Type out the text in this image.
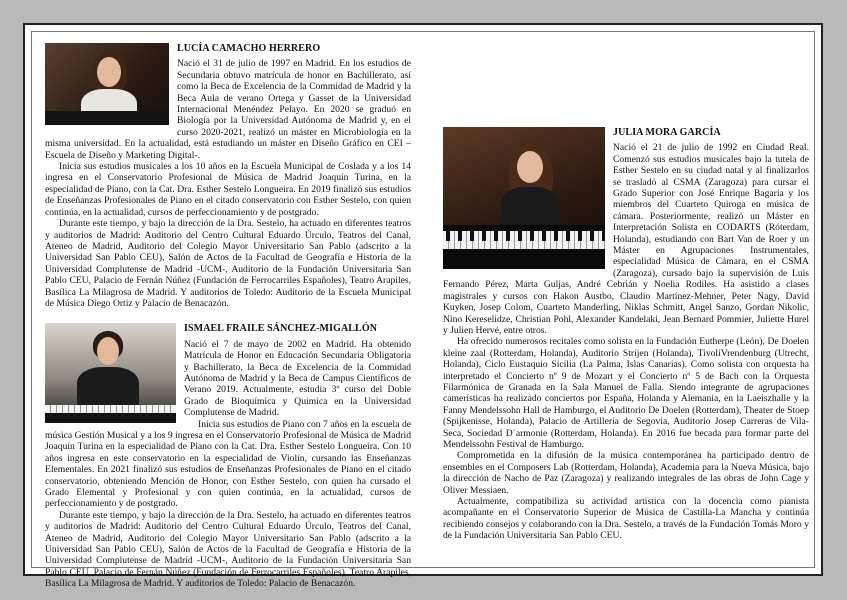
LUCÍA CAMACHO HERRERO

Nació el 31 de julio de 1997 en Madrid. En los estudios de Secundaria obtuvo matrícula de honor en Bachillerato, así como la Beca de Excelencia de la Commidad de Madrid y la Beca Aula de verano Ortega y Gasset de la Universidad Internacional Menéndez Pelayo. En 2020 se graduó en Biología por la Universidad Autónoma de Madrid y, en el curso 2020-2021, realizó un máster en Microbiología en la misma universidad. En la actualidad, está estudiando un máster en Diseño Gráfico en CEI –Escuela de Diseño y Marketing Digital-.

Inicia sus estudios musicales a los 10 años en la Escuela Municipal de Coslada y a los 14 ingresa en el Conservatorio Profesional de Música de Madrid Joaquín Turina, en la especialidad de Piano, con la Cat. Dra. Esther Sestelo Longueira. En 2019 finalizó sus estudios de Enseñanzas Profesionales de Piano en el citado conservatorio con Esther Sestelo, con quien continúa, en la actualidad, cursos de perfeccionamiento y de postgrado.

Durante este tiempo, y bajo la dirección de la Dra. Sestelo, ha actuado en diferentes teatros y auditorios de Madrid: Auditorio del Centro Cultural Eduardo Úrculo, Teatros del Canal, Ateneo de Madrid, Auditorio del Colegio Mayor Universitario San Pablo (adscrito a la Universidad San Pablo CEU), Salón de Actos de la Facultad de Geografía e Historia de la Universidad Complutense de Madrid -UCM-, Auditorio de la Fundación Universitaria San Pablo CEU, Palacio de Fernán Núñez (Fundación de Ferrocarriles Españoles), Teatro Arapiles, Basílica La Milagrosa de Madrid. Y auditorios de Toledo: Auditorio de la Escuela Municipal de Música Diego Ortiz y Palacio de Benacazón.

ISMAEL FRAILE SÁNCHEZ-MIGALLÓN

Nació el 7 de mayo de 2002 en Madrid. Ha obtenido Matrícula de Honor en Educación Secundaria Obligatoria y Bachillerato, la Beca de Excelencia de la Commidad Autónoma de Madrid y la Beca de Campus Científicos de Verano 2019. Actualmente, estudia 3º curso del Doble Grado de Bioquímica y Química en la Universidad Complutense de Madrid.

Inicia sus estudios de Piano con 7 años en la escuela de música Gestión Musical y a los 9 ingresa en el Conservatorio Profesional de Música de Madrid Joaquín Turina en la especialidad de Piano con la Cat. Dra. Esther Sestelo Longueira. Con 10 años ingresa en este conservatorio en la especialidad de Violín, cursando las Enseñanzas Elementales. En 2021 finalizó sus estudios de Enseñanzas Profesionales de Piano en el citado conservatorio, obteniendo Mención de Honor, con Esther Sestelo, con quien ha cursado el Grado Elemental y Profesional y con quien continúa, en la actualidad, cursos de perfeccionamiento y de postgrado.

Durante este tiempo, y bajo la dirección de la Dra. Sestelo, ha actuado en diferentes teatros y auditorios de Madrid: Auditorio del Centro Cultural Eduardo Úrculo, Teatros del Canal, Ateneo de Madrid, Auditorio del Colegio Mayor Universitario San Pablo (adscrito a la Universidad San Pablo CEU), Salón de Actos de la Facultad de Geografía e Historia de la Universidad Complutense de Madrid -UCM-, Auditorio de la Fundación Universitaria San Pablo CEU, Palacio de Fernán Núñez (Fundación de Ferrocarriles Españoles), Teatro Arapiles, Basílica La Milagrosa de Madrid. Y auditorios de Toledo: Palacio de Benacazón.

JULIA MORA GARCÍA

Nació el 21 de julio de 1992 en Ciudad Real. Comenzó sus estudios musicales bajo la tutela de Esther Sestelo en su ciudad natal y al finalizarlos se trasladó al CSMA (Zaragoza) para cursar el Grado Superior con José Enrique Bagaría y los miembros del Cuarteto Quiroga en música de cámara. Posteriormente, realizó un Máster en Interpretación Solista en CODARTS (Róterdam, Holanda), estudiando con Bart Van de Roer y un Máster en Agrupaciones Instrumentales, especialidad Música de Cámara, en el CSMA (Zaragoza), cursado bajo la supervisión de Luis Fernando Pérez, Marta Guljas, André Cebrián y Noelia Rodiles. Ha asistido a clases magistrales y cursos con Hakon Austbo, Claudio Martínez-Mehner, Peter Nagy, David Kuyken, Josep Colom, Cuarteto Manderling, Niklas Schmitt, Angel Sanzo, Gordan Nikolic, Nino Kereselidze, Christian Pohl, Alexander Kandelaki, Jean Bernard Pommier, Juliette Hurel y Julien Hervé, entre otros.

Ha ofrecido numerosos recitales como solista en la Fundación Eutherpe (León), De Doelen kleine zaal (Rotterdam, Holanda), Auditorio Strijen (Holanda), TivoliVrendenburg (Utrecht, Holanda), Ciclo Eustaquio Sicilia (La Palma, Islas Canarias). Como solista con orquesta ha interpretado el Concierto nº 9 de Mozart y el Concierto nº 5 de Bach con la Orquesta Filarmónica de Granada en la Sala Manuel de Falla. Siendo integrante de agrupaciones camerísticas ha realizado conciertos por España, Holanda y Alemania, en la Laeiszhalle y la Fanny Mendelssohn Hall de Hamburgo, el Auditorio De Doelen (Rotterdam), Theater de Stoep (Spijkenisse, Holanda), Palacio de Artillería de Segovia, Auditorio Josep Carreras de Vila-Seca, Sociedad D´armonie (Rotterdam, Holanda). En 2016 fue becada para formar parte del Mendelssohn Festival de Hamburgo.

Comprometida en la difusión de la música contemporánea ha participado dentro de ensembles en el Composers Lab (Rotterdam, Holanda), Academia para la Nueva Música, bajo la dirección de Nacho de Paz (Zaragoza) y realizando integrales de las obras de John Cage y Oliver Messiaen.

Actualmente, compatibiliza su actividad artística con la docencia como pianista acompañante en el Conservatorio Superior de Música de Castilla-La Mancha y continúa recibiendo consejos y colaborando con la Dra. Sestelo, a través de la Fundación Tomás Moro y de la Fundación Universitaria San Pablo CEU.
